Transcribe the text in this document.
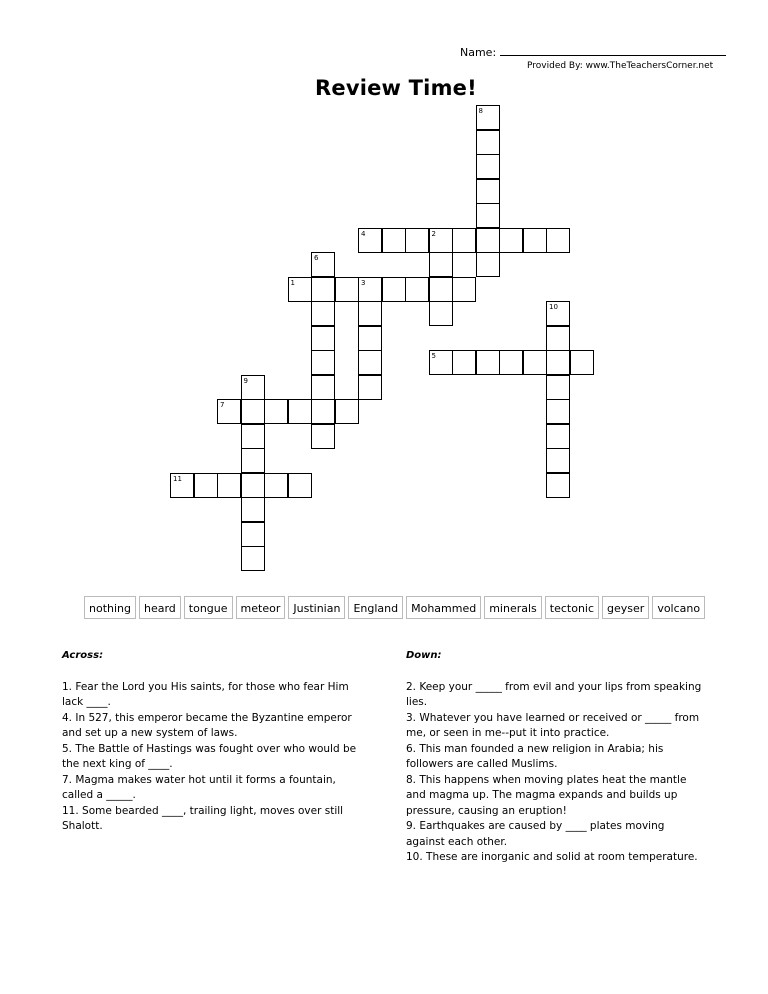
Name:
Provided By: www.TheTeachersCorner.net
Review Time!
8
4	2
6
1	3
10
5
9
7
11
nothing	heard	tongue	meteor	Justinian	England	Mohammed	minerals	tectonic	geyser	volcano
Across:

1. Fear the Lord you His saints, for those who fear Him lack ____.

4. In 527, this emperor became the Byzantine emperor and set up a new system of laws.

5. The Battle of Hastings was fought over who would be the next king of ____.

7. Magma makes water hot until it forms a fountain, called a _____.

11. Some bearded ____, trailing light, moves over still Shalott.

Down:

2. Keep your _____ from evil and your lips from speaking lies.

3. Whatever you have learned or received or _____ from me, or seen in me--put it into practice.

6. This man founded a new religion in Arabia; his followers are called Muslims.

8. This happens when moving plates heat the mantle and magma up. The magma expands and builds up pressure, causing an eruption!

9. Earthquakes are caused by ____ plates moving against each other.

10. These are inorganic and solid at room temperature.
